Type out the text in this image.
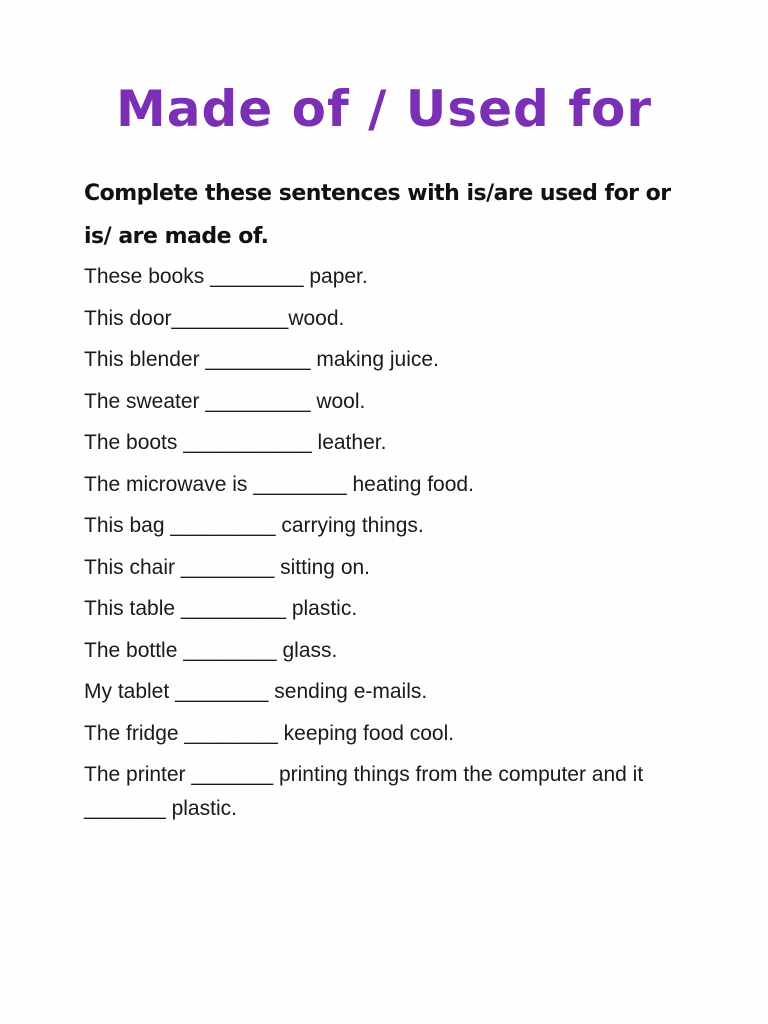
Made of / Used for
Complete these sentences with is/are used for or is/ are made of.
These books ________ paper.
This door__________wood.
This blender _________ making juice.
The sweater _________ wool.
The boots ___________ leather.
The microwave is ________ heating food.
This bag _________ carrying things.
This chair ________ sitting on.
This table _________ plastic.
The bottle ________ glass.
My tablet ________ sending e-mails.
The fridge ________ keeping food cool.
The printer _______ printing things from the computer and it _______ plastic.
